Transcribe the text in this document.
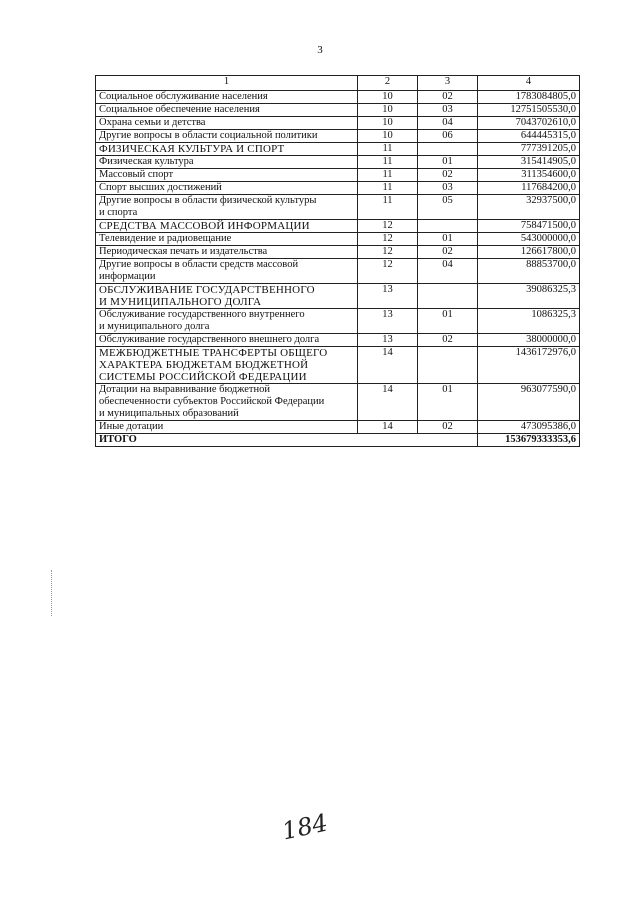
3
1	2	3	4
Социальное обслуживание населения	10	02	1783084805,0
Социальное обеспечение населения	10	03	12751505530,0
Охрана семьи и детства	10	04	7043702610,0
Другие вопросы в области социальной политики	10	06	644445315,0
ФИЗИЧЕСКАЯ КУЛЬТУРА И СПОРТ	11		777391205,0
Физическая культура	11	01	315414905,0
Массовый спорт	11	02	311354600,0
Спорт высших достижений	11	03	117684200,0
Другие вопросы в области физической культуры
и спорта	11	05	32937500,0
СРЕДСТВА МАССОВОЙ ИНФОРМАЦИИ	12		758471500,0
Телевидение и радиовещание	12	01	543000000,0
Периодическая печать и издательства	12	02	126617800,0
Другие вопросы в области средств массовой
информации	12	04	88853700,0
ОБСЛУЖИВАНИЕ ГОСУДАРСТВЕННОГО
И МУНИЦИПАЛЬНОГО ДОЛГА	13		39086325,3
Обслуживание государственного внутреннего
и муниципального долга	13	01	1086325,3
Обслуживание государственного внешнего долга	13	02	38000000,0
МЕЖБЮДЖЕТНЫЕ ТРАНСФЕРТЫ ОБЩЕГО
ХАРАКТЕРА БЮДЖЕТАМ БЮДЖЕТНОЙ
СИСТЕМЫ РОССИЙСКОЙ ФЕДЕРАЦИИ	14		1436172976,0
Дотации на выравнивание бюджетной
обеспеченности субъектов Российской Федерации
и муниципальных образований	14	01	963077590,0
Иные дотации	14	02	473095386,0
ИТОГО			153679333353,6
184
